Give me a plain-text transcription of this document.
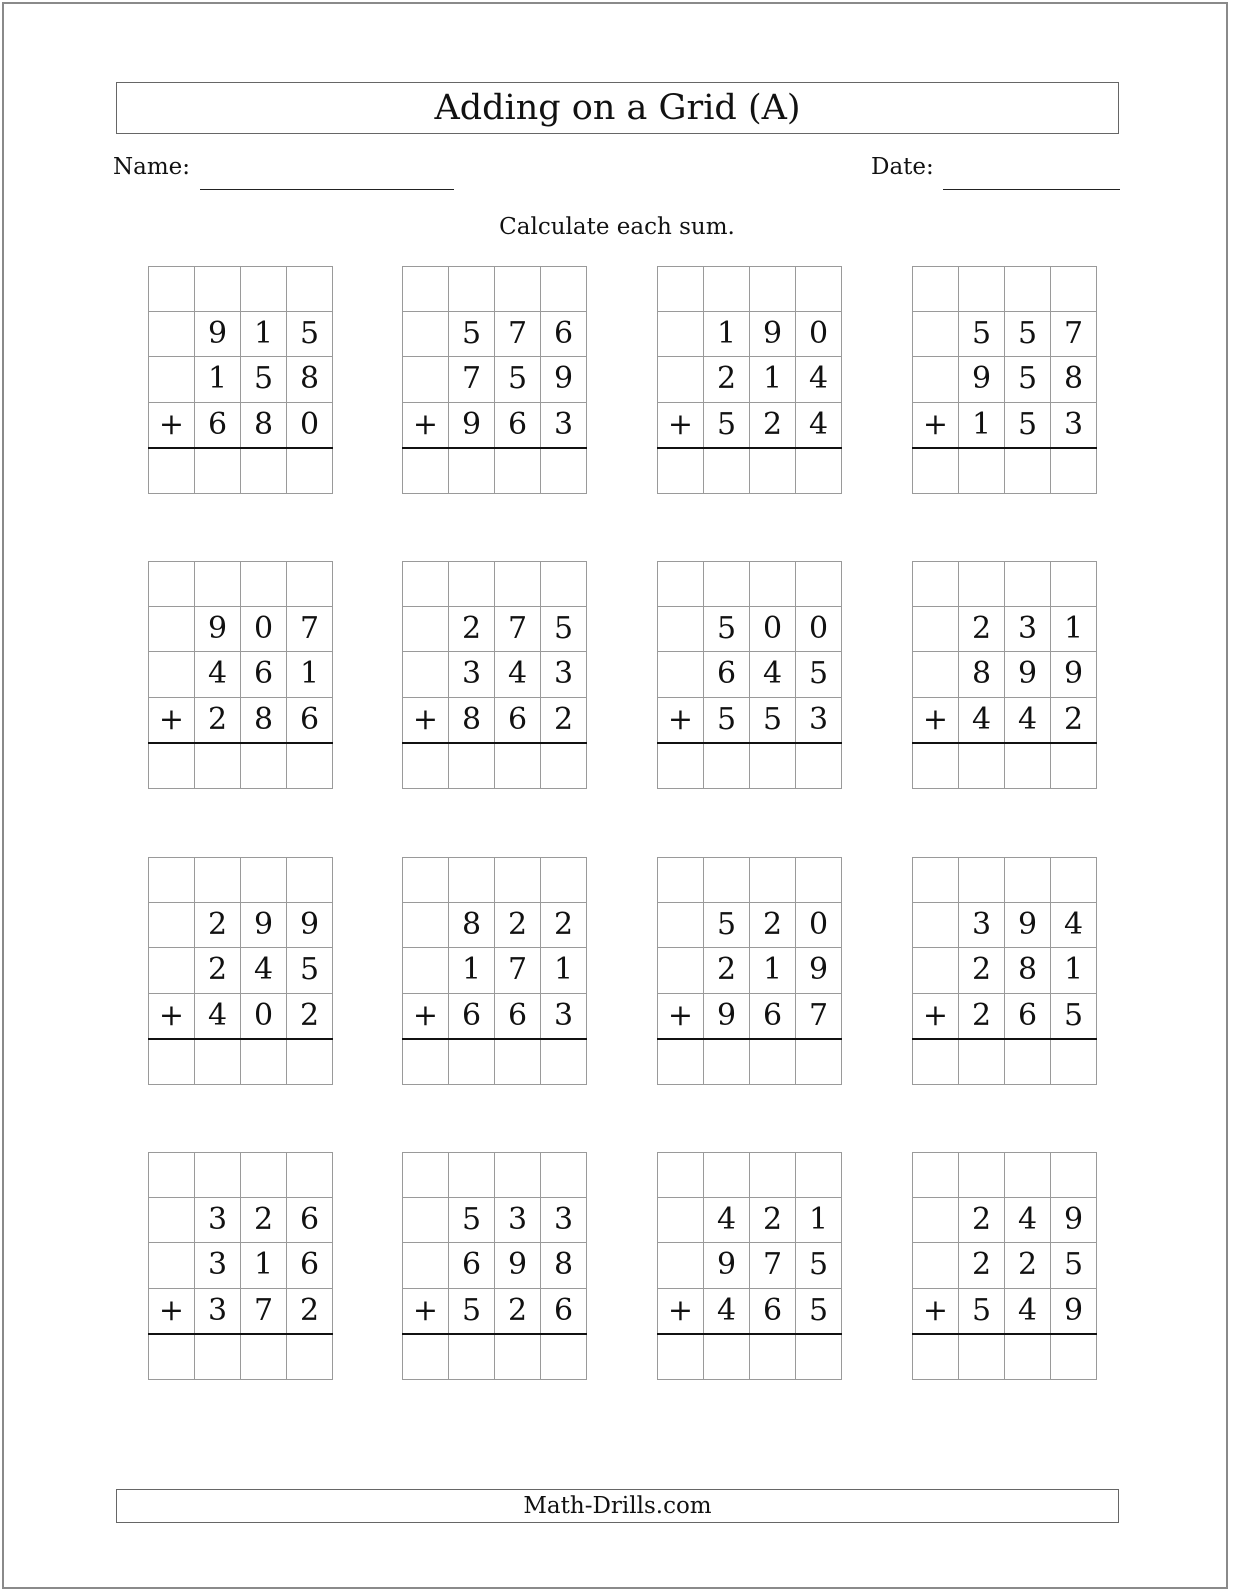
Adding on a Grid (A)
Name:	Date:
Calculate each sum.

	9	1	5
	1	5	8
+	6	8	0

	5	7	6
	7	5	9
+	9	6	3

	1	9	0
	2	1	4
+	5	2	4

	5	5	7
	9	5	8
+	1	5	3

	9	0	7
	4	6	1
+	2	8	6

	2	7	5
	3	4	3
+	8	6	2

	5	0	0
	6	4	5
+	5	5	3

	2	3	1
	8	9	9
+	4	4	2

	2	9	9
	2	4	5
+	4	0	2

	8	2	2
	1	7	1
+	6	6	3

	5	2	0
	2	1	9
+	9	6	7

	3	9	4
	2	8	1
+	2	6	5

	3	2	6
	3	1	6
+	3	7	2

	5	3	3
	6	9	8
+	5	2	6

	4	2	1
	9	7	5
+	4	6	5

	2	4	9
	2	2	5
+	5	4	9

Math-Drills.com
